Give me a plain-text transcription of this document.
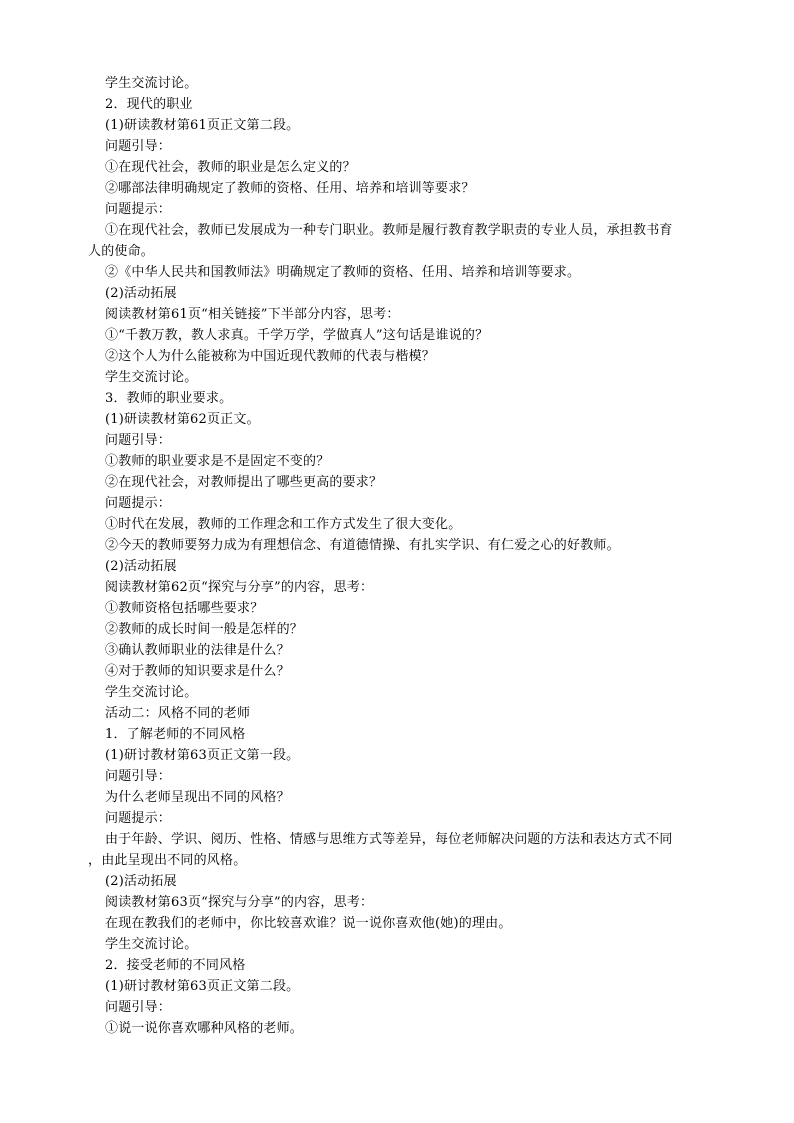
学生交流讨论。
2．现代的职业
(1)研读教材第61页正文第二段。
问题引导：
①在现代社会，教师的职业是怎么定义的？
②哪部法律明确规定了教师的资格、任用、培养和培训等要求？
问题提示：
①在现代社会，教师已发展成为一种专门职业。教师是履行教育教学职责的专业人员，承担教书育
人的使命。
②《中华人民共和国教师法》明确规定了教师的资格、任用、培养和培训等要求。
(2)活动拓展
阅读教材第61页“相关链接”下半部分内容，思考：
①“千教万教，教人求真。千学万学，学做真人”这句话是谁说的？
②这个人为什么能被称为中国近现代教师的代表与楷模？
学生交流讨论。
3．教师的职业要求。
(1)研读教材第62页正文。
问题引导：
①教师的职业要求是不是固定不变的？
②在现代社会，对教师提出了哪些更高的要求？
问题提示：
①时代在发展，教师的工作理念和工作方式发生了很大变化。
②今天的教师要努力成为有理想信念、有道德情操、有扎实学识、有仁爱之心的好教师。
(2)活动拓展
阅读教材第62页“探究与分享”的内容，思考：
①教师资格包括哪些要求？
②教师的成长时间一般是怎样的？
③确认教师职业的法律是什么？
④对于教师的知识要求是什么？
学生交流讨论。
活动二：风格不同的老师
1．了解老师的不同风格
(1)研讨教材第63页正文第一段。
问题引导：
为什么老师呈现出不同的风格？
问题提示：
由于年龄、学识、阅历、性格、情感与思维方式等差异，每位老师解决问题的方法和表达方式不同
，由此呈现出不同的风格。
(2)活动拓展
阅读教材第63页“探究与分享”的内容，思考：
在现在教我们的老师中，你比较喜欢谁？说一说你喜欢他(她)的理由。
学生交流讨论。
2．接受老师的不同风格
(1)研讨教材第63页正文第二段。
问题引导：
①说一说你喜欢哪种风格的老师。
